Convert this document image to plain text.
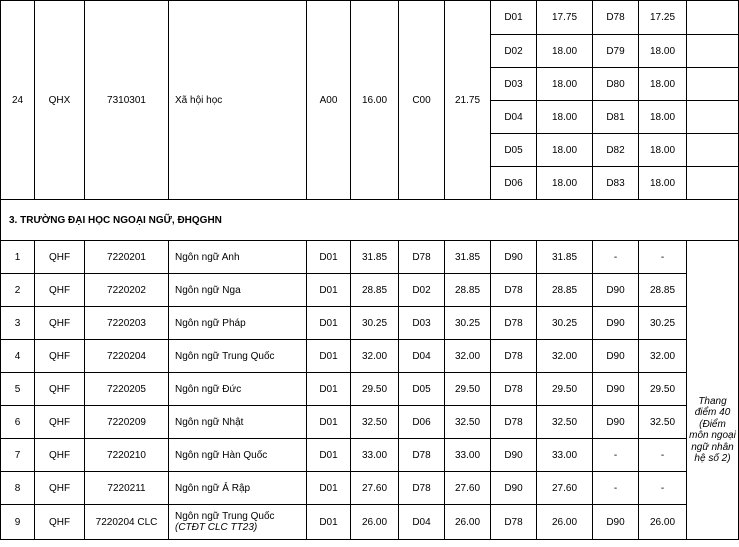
24	QHX	7310301	Xã hội học	A00	16.00	C00	21.75	D01	17.75	D78	17.25	
								D02	18.00	D79	18.00	
								D03	18.00	D80	18.00	
								D04	18.00	D81	18.00	
								D05	18.00	D82	18.00	
								D06	18.00	D83	18.00	
3. TRƯỜNG ĐẠI HỌC NGOẠI NGỮ, ĐHQGHN												
1	QHF	7220201	Ngôn ngữ Anh	D01	31.85	D78	31.85	D90	31.85	-	-	Thang điểm 40 (Điểm môn ngoại ngữ nhân hệ số 2)
2	QHF	7220202	Ngôn ngữ Nga	D01	28.85	D02	28.85	D78	28.85	D90	28.85	
3	QHF	7220203	Ngôn ngữ Pháp	D01	30.25	D03	30.25	D78	30.25	D90	30.25	
4	QHF	7220204	Ngôn ngữ Trung Quốc	D01	32.00	D04	32.00	D78	32.00	D90	32.00	
5	QHF	7220205	Ngôn ngữ Đức	D01	29.50	D05	29.50	D78	29.50	D90	29.50	
6	QHF	7220209	Ngôn ngữ Nhật	D01	32.50	D06	32.50	D78	32.50	D90	32.50	
7	QHF	7220210	Ngôn ngữ Hàn Quốc	D01	33.00	D78	33.00	D90	33.00	-	-	
8	QHF	7220211	Ngôn ngữ Ả Rập	D01	27.60	D78	27.60	D90	27.60	-	-	
9	QHF	7220204 CLC	Ngôn ngữ Trung Quốc
(CTĐT CLC TT23)	D01	26.00	D04	26.00	D78	26.00	D90	26.00	
